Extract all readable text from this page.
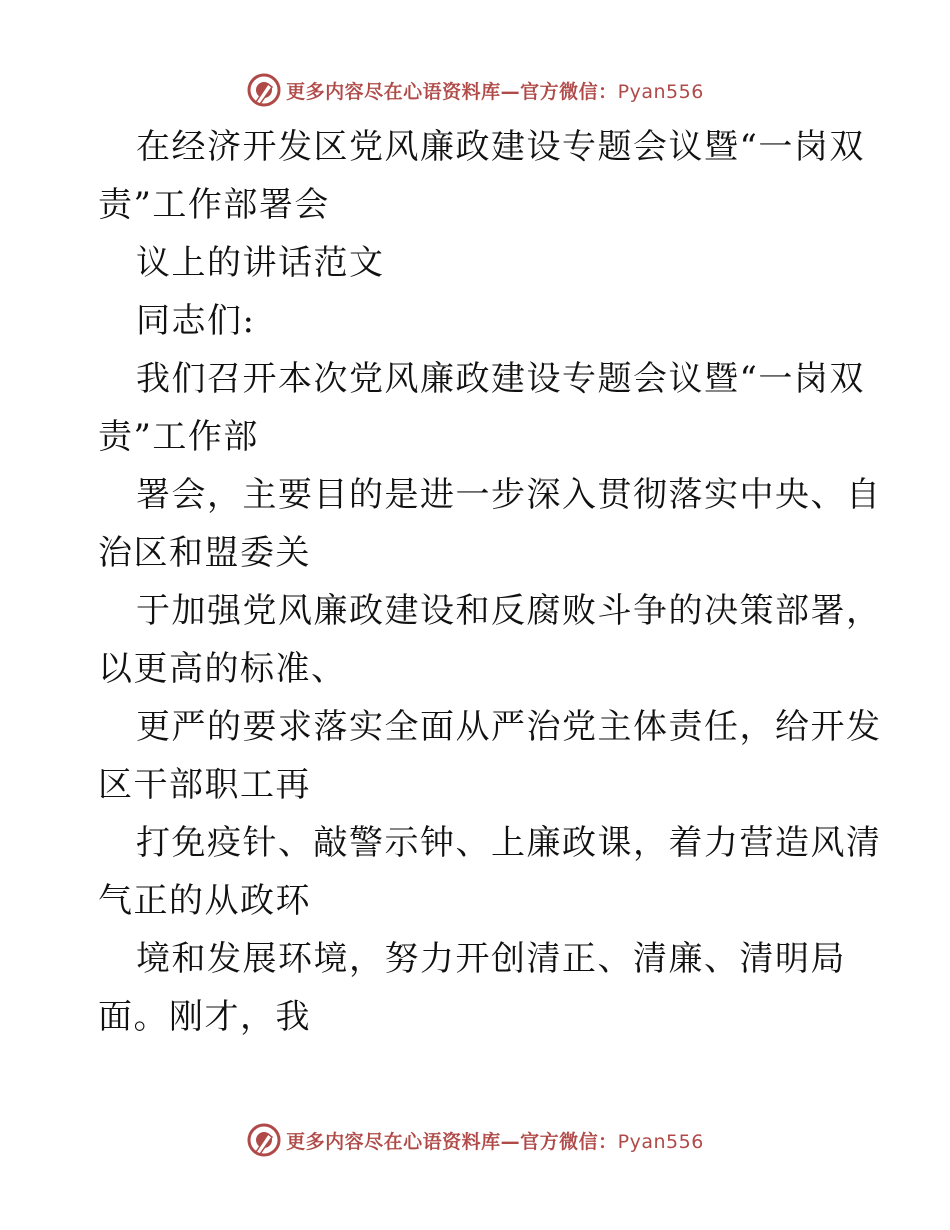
更多内容尽在心语资料库—官方微信：Pyan556

在经济开发区党风廉政建设专题会议暨“一岗双
责”工作部署会

议上的讲话范文

同志们:

我们召开本次党风廉政建设专题会议暨“一岗双
责”工作部

署会，主要目的是进一步深入贯彻落实中央、自
治区和盟委关

于加强党风廉政建设和反腐败斗争的决策部署，
以更高的标准、

更严的要求落实全面从严治党主体责任，给开发
区干部职工再

打免疫针、敲警示钟、上廉政课，着力营造风清
气正的从政环

境和发展环境，努力开创清正、清廉、清明局
面。刚才，我

更多内容尽在心语资料库—官方微信：Pyan556
